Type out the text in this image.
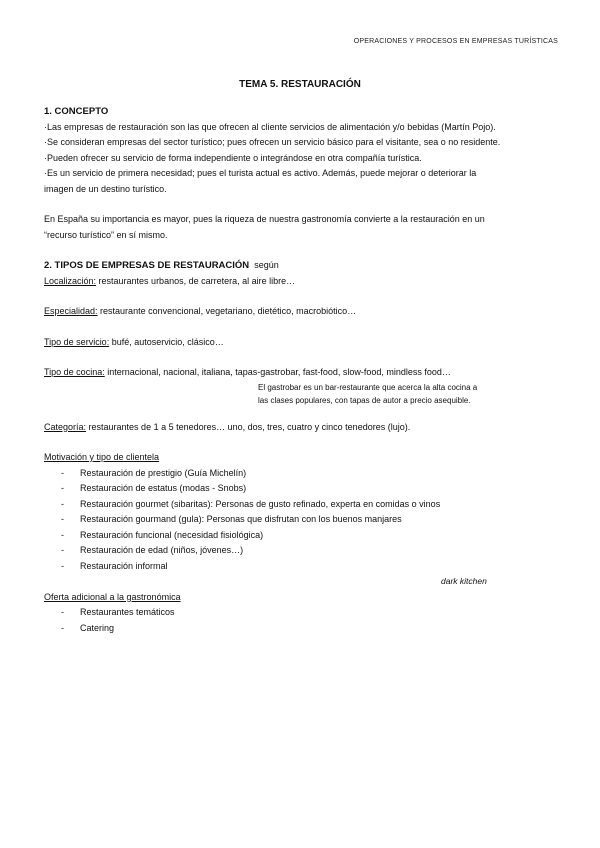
OPERACIONES Y PROCESOS EN EMPRESAS TURÍSTICAS
TEMA 5. RESTAURACIÓN
1. CONCEPTO

·Las empresas de restauración son las que ofrecen al cliente servicios de alimentación y/o bebidas (Martín Pojo).

·Se consideran empresas del sector turístico; pues ofrecen un servicio básico para el visitante, sea o no residente.

·Pueden ofrecer su servicio de forma independiente o integrándose en otra compañía turística.

·Es un servicio de primera necesidad; pues el turista actual es activo. Además, puede mejorar o deteriorar la

imagen de un destino turístico.

En España su importancia es mayor, pues la riqueza de nuestra gastronomía convierte a la restauración en un

“recurso turístico” en sí mismo.

2. TIPOS DE EMPRESAS DE RESTAURACIÓN según

Localización: restaurantes urbanos, de carretera, al aire libre…

Especialidad: restaurante convencional, vegetariano, dietético, macrobiótico…

Tipo de servicio: bufé, autoservicio, clásico…

Tipo de cocina: internacional, nacional, italiana, tapas-gastrobar, fast-food, slow-food, mindless food…

El gastrobar es un bar-restaurante que acerca la alta cocina a
las clases populares, con tapas de autor a precio asequible.

Categoría: restaurantes de 1 a 5 tenedores… uno, dos, tres, cuatro y cinco tenedores (lujo).

Motivación y tipo de clientela

- Restauración de prestigio (Guía Michelín)
- Restauración de estatus (modas - Snobs)
- Restauración gourmet (sibaritas): Personas de gusto refinado, experta en comidas o vinos
- Restauración gourmand (gula): Personas que disfrutan con los buenos manjares
- Restauración funcional (necesidad fisiológica)
- Restauración de edad (niños, jóvenes…)
- Restauración informal
dark kitchen

Oferta adicional a la gastronómica

- Restaurantes temáticos
- Catering
